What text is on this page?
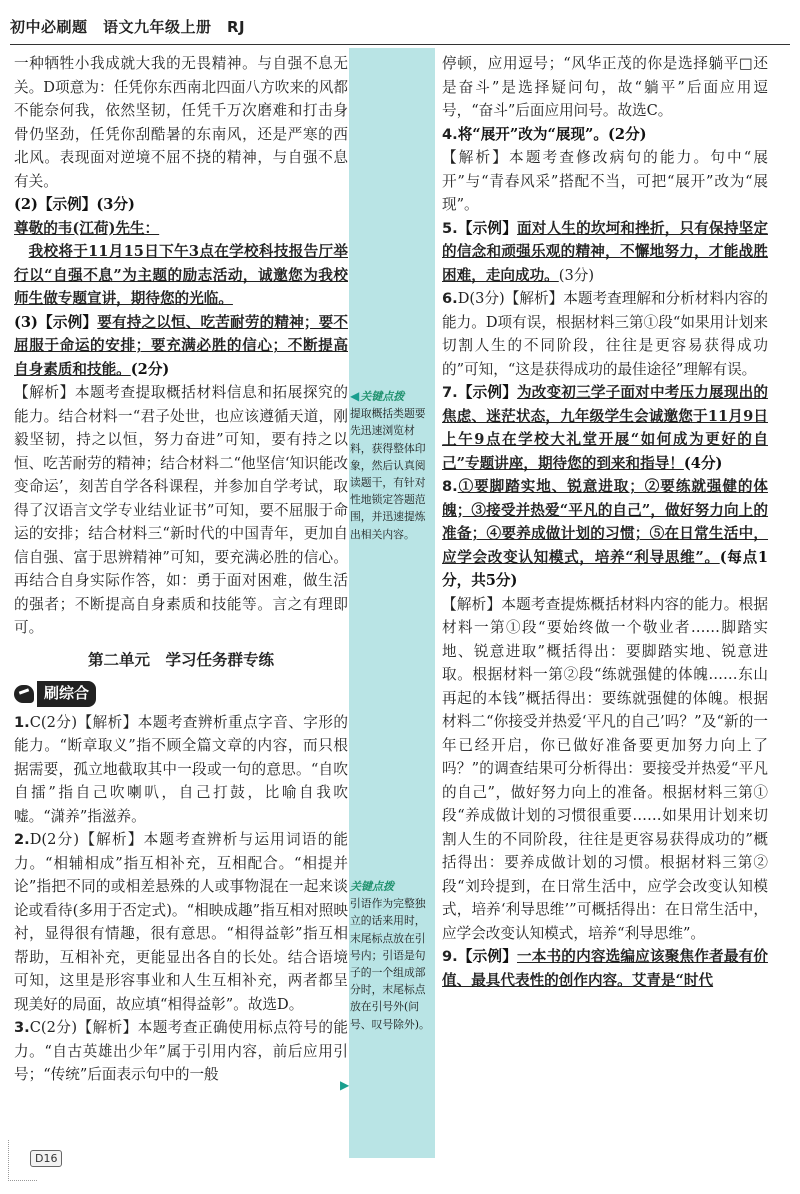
初中必刷题　语文九年级上册　RJ
◀关键点拨
提取概括类题要先迅速浏览材料，获得整体印象，然后认真阅读题干，有针对性地锁定答题范围，并迅速提炼出相关内容。
关键点拨
引语作为完整独立的话来用时，末尾标点放在引号内；引语是句子的一个组成部分时，末尾标点放在引号外(问号、叹号除外)。
▶

一种牺牲小我成就大我的无畏精神。与自强不息无关。D项意为：任凭你东西南北四面八方吹来的风都不能奈何我，依然坚韧，任凭千万次磨难和打击身骨仍坚劲，任凭你刮酷暑的东南风，还是严寒的西北风。表现面对逆境不屈不挠的精神，与自强不息有关。

(2)【示例】(3分)

尊敬的韦(江荷)先生：

我校将于11月15日下午3点在学校科技报告厅举行以“自强不息”为主题的励志活动，诚邀您为我校师生做专题宣讲，期待您的光临。

(3)【示例】要有持之以恒、吃苦耐劳的精神；要不屈服于命运的安排；要充满必胜的信心；不断提高自身素质和技能。(2分)

【解析】本题考查提取概括材料信息和拓展探究的能力。结合材料一“君子处世，也应该遵循天道，刚毅坚韧，持之以恒，努力奋进”可知，要有持之以恒、吃苦耐劳的精神；结合材料二“他坚信‘知识能改变命运’，刻苦自学各科课程，并参加自学考试，取得了汉语言文学专业结业证书”可知，要不屈服于命运的安排；结合材料三“新时代的中国青年，更加自信自强、富于思辨精神”可知，要充满必胜的信心。再结合自身实际作答，如：勇于面对困难，做生活的强者；不断提高自身素质和技能等。言之有理即可。

第二单元　学习任务群专练

刷综合

1.C(2分)【解析】本题考查辨析重点字音、字形的能力。“断章取义”指不顾全篇文章的内容，而只根据需要，孤立地截取其中一段或一句的意思。“自吹自擂”指自己吹喇叭，自己打鼓，比喻自我吹嘘。“潇养”指滋养。

2.D(2分)【解析】本题考查辨析与运用词语的能力。“相辅相成”指互相补充，互相配合。“相提并论”指把不同的或相差悬殊的人或事物混在一起来谈论或看待(多用于否定式)。“相映成趣”指互相对照映衬，显得很有情趣，很有意思。“相得益彰”指互相帮助，互相补充，更能显出各自的长处。结合语境可知，这里是形容事业和人生互相补充，两者都呈现美好的局面，故应填“相得益彰”。故选D。

3.C(2分)【解析】本题考查正确使用标点符号的能力。“自古英雄出少年”属于引用内容，前后应用引号；“传统”后面表示句中的一般

停顿，应用逗号；“风华正茂的你是选择躺平□还是奋斗”是选择疑问句，故“躺平”后面应用逗号，“奋斗”后面应用问号。故选C。

4.将“展开”改为“展现”。(2分)

【解析】本题考查修改病句的能力。句中“展开”与“青春风采”搭配不当，可把“展开”改为“展现”。

5.【示例】面对人生的坎坷和挫折，只有保持坚定的信念和顽强乐观的精神，不懈地努力，才能战胜困难，走向成功。(3分)

6.D(3分)【解析】本题考查理解和分析材料内容的能力。D项有误，根据材料三第①段“如果用计划来切割人生的不同阶段，往往是更容易获得成功的”可知，“这是获得成功的最佳途径”理解有误。

7.【示例】为改变初三学子面对中考压力展现出的焦虑、迷茫状态，九年级学生会诚邀您于11月9日上午9点在学校大礼堂开展“如何成为更好的自己”专题讲座，期待您的到来和指导！(4分)

8.①要脚踏实地、锐意进取；②要练就强健的体魄；③接受并热爱“平凡的自己”，做好努力向上的准备；④要养成做计划的习惯；⑤在日常生活中，应学会改变认知模式，培养“利导思维”。(每点1分，共5分)

【解析】本题考查提炼概括材料内容的能力。根据材料一第①段“要始终做一个敬业者……脚踏实地、锐意进取”概括得出：要脚踏实地、锐意进取。根据材料一第②段“练就强健的体魄……东山再起的本钱”概括得出：要练就强健的体魄。根据材料二“你接受并热爱‘平凡的自己’吗？”及“新的一年已经开启，你已做好准备要更加努力向上了吗？”的调查结果可分析得出：要接受并热爱“平凡的自己”，做好努力向上的准备。根据材料三第①段“养成做计划的习惯很重要……如果用计划来切割人生的不同阶段，往往是更容易获得成功的”概括得出：要养成做计划的习惯。根据材料三第②段“刘玲提到，在日常生活中，应学会改变认知模式，培养‘利导思维’”可概括得出：在日常生活中，应学会改变认知模式，培养“利导思维”。

9.【示例】一本书的内容选编应该聚焦作者最有价值、最具代表性的创作内容。艾青是“时代

D16
